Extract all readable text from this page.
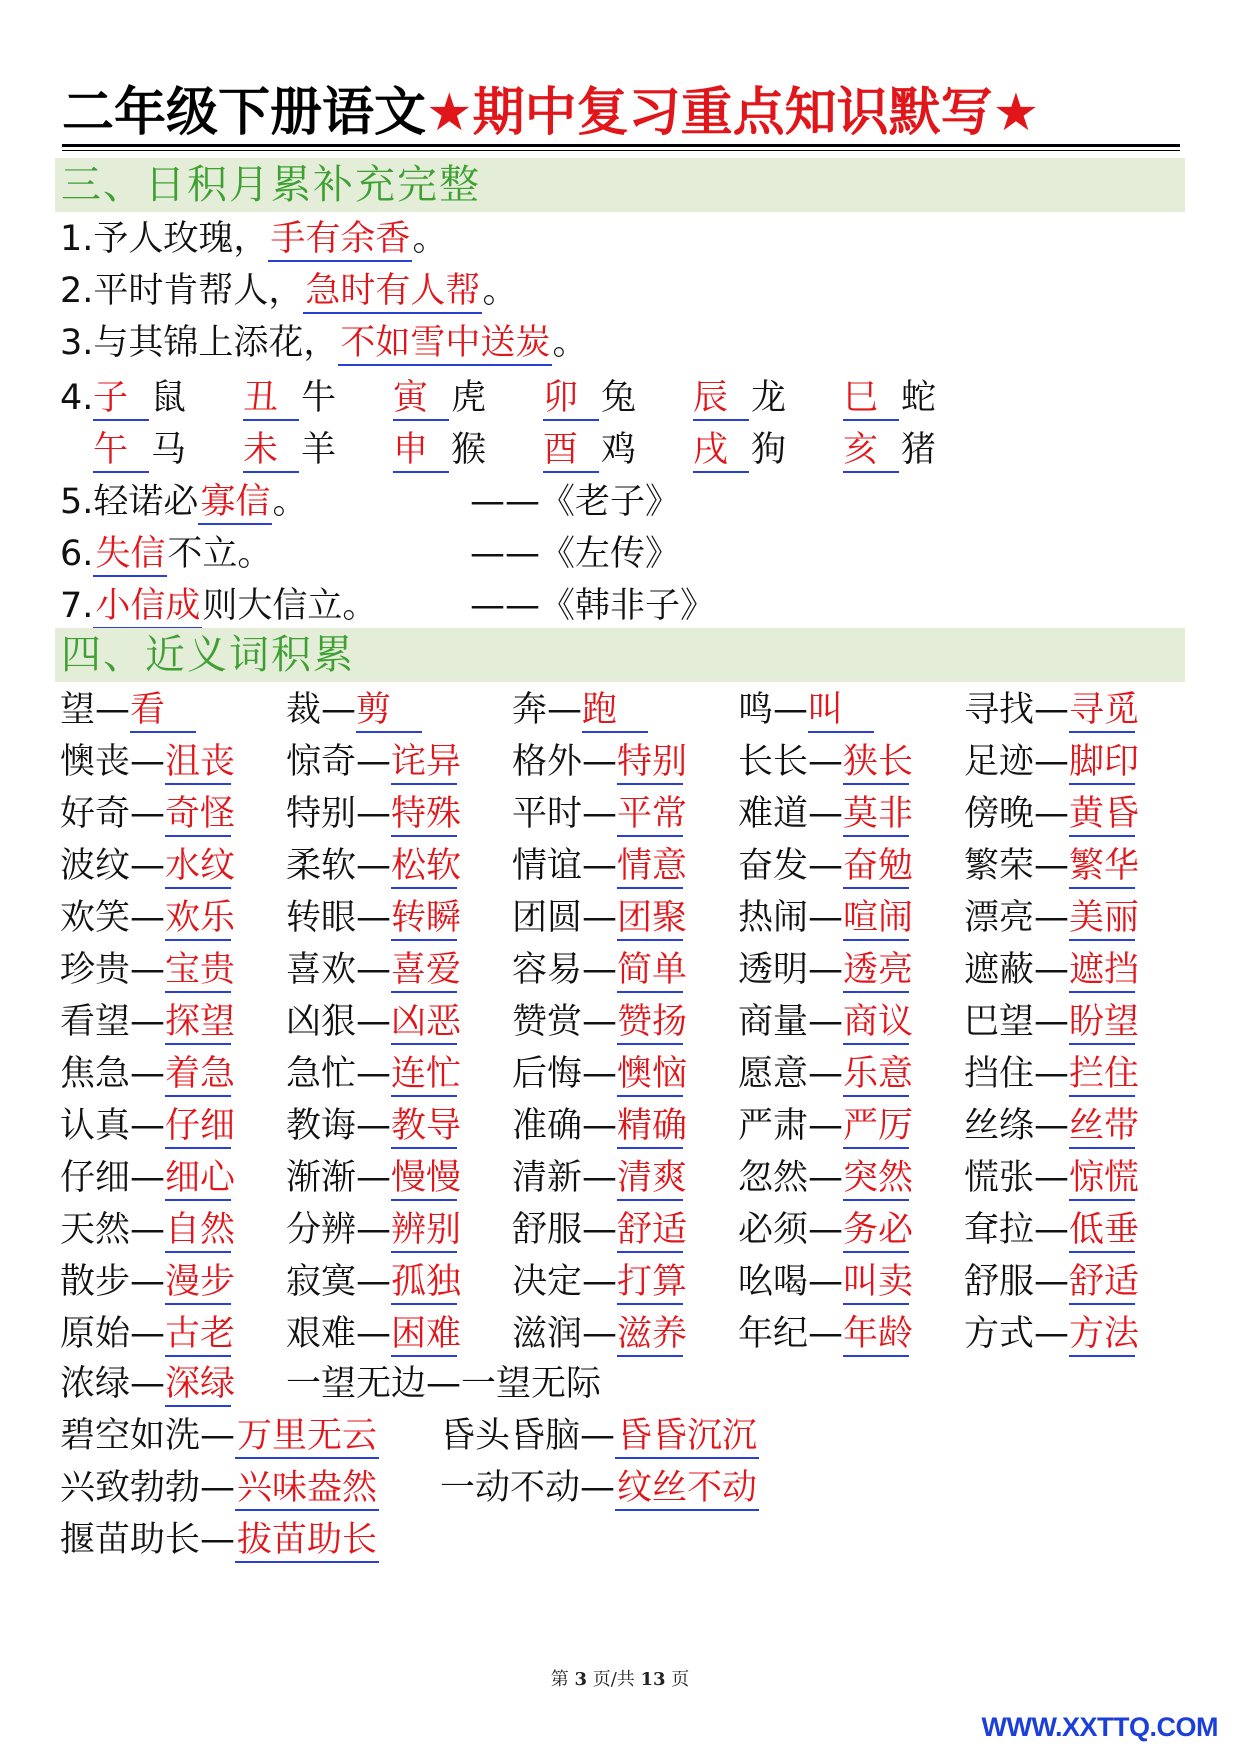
二年级下册语文★期中复习重点知识默写★
三、日积月累补充完整
1.予人玫瑰，手有余香。
2.平时肯帮人，急时有人帮。
3.与其锦上添花，不如雪中送炭。
4. 子 鼠 丑 牛 寅 虎 卯 兔 辰 龙 巳 蛇
午 马 未 羊 申 猴 酉 鸡 戌 狗 亥 猪
5.轻诺必寡信。	——《老子》
6.失信不立。	——《左传》
7.小信成则大信立。	——《韩非子》
四、近义词积累
望—看	裁—剪	奔—跑	鸣—叫	寻找—寻觅
懊丧—沮丧 惊奇—诧异 格外—特别 长长—狭长 足迹—脚印
好奇—奇怪 特别—特殊 平时—平常 难道—莫非 傍晚—黄昏
波纹—水纹 柔软—松软 情谊—情意 奋发—奋勉 繁荣—繁华
欢笑—欢乐 转眼—转瞬 团圆—团聚 热闹—喧闹 漂亮—美丽
珍贵—宝贵 喜欢—喜爱 容易—简单 透明—透亮 遮蔽—遮挡
看望—探望 凶狠—凶恶 赞赏—赞扬 商量—商议 巴望—盼望
焦急—着急 急忙—连忙 后悔—懊恼 愿意—乐意 挡住—拦住
认真—仔细 教诲—教导 准确—精确 严肃—严厉 丝绦—丝带
仔细—细心 渐渐—慢慢 清新—清爽 忽然—突然 慌张—惊慌
天然—自然 分辨—辨别 舒服—舒适 必须—务必 耷拉—低垂
散步—漫步 寂寞—孤独 决定—打算 吆喝—叫卖 舒服—舒适
原始—古老 艰难—困难 滋润—滋养 年纪—年龄 方式—方法
浓绿—深绿 一望无边—一望无际
碧空如洗—万里无云 昏头昏脑—昏昏沉沉
兴致勃勃—兴味盎然 一动不动—纹丝不动
揠苗助长—拔苗助长
第 3 页/共 13 页
WWW.XXTTQ.COM
